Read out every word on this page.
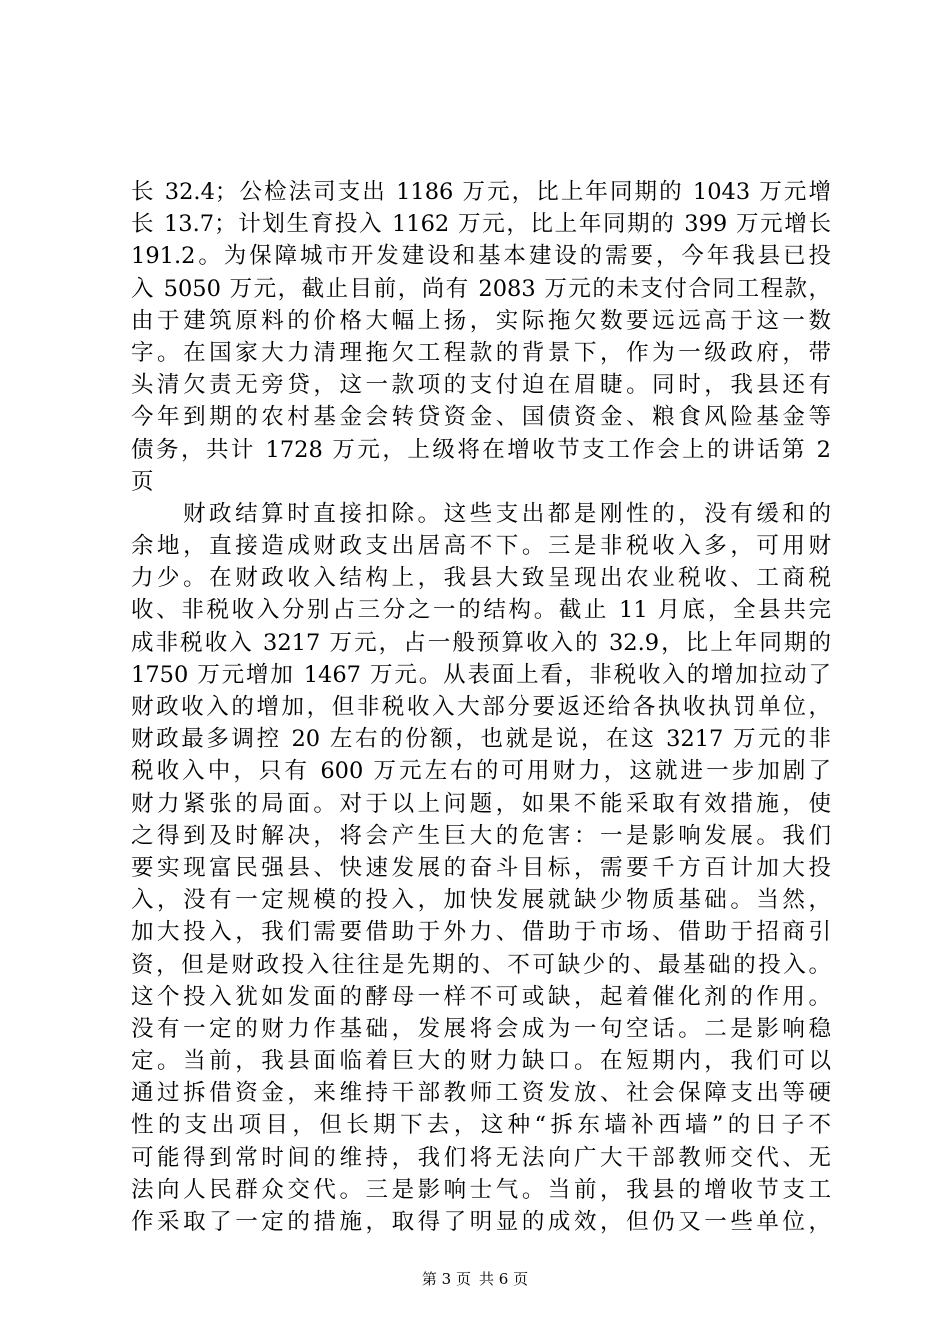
长 32.4；公检法司支出 1186 万元，比上年同期的 1043 万元增
长 13.7；计划生育投入 1162 万元，比上年同期的 399 万元增长
191.2。为保障城市开发建设和基本建设的需要，今年我县已投
入 5050 万元，截止目前，尚有 2083 万元的未支付合同工程款，
由于建筑原料的价格大幅上扬，实际拖欠数要远远高于这一数
字。在国家大力清理拖欠工程款的背景下，作为一级政府，带
头清欠责无旁贷，这一款项的支付迫在眉睫。同时，我县还有
今年到期的农村基金会转贷资金、国债资金、粮食风险基金等
债务，共计 1728 万元，上级将在增收节支工作会上的讲话第 2
页
财政结算时直接扣除。这些支出都是刚性的，没有缓和的
余地，直接造成财政支出居高不下。三是非税收入多，可用财
力少。在财政收入结构上，我县大致呈现出农业税收、工商税
收、非税收入分别占三分之一的结构。截止 11 月底，全县共完
成非税收入 3217 万元，占一般预算收入的 32.9，比上年同期的
1750 万元增加 1467 万元。从表面上看，非税收入的增加拉动了
财政收入的增加，但非税收入大部分要返还给各执收执罚单位，
财政最多调控 20 左右的份额，也就是说，在这 3217 万元的非
税收入中，只有 600 万元左右的可用财力，这就进一步加剧了
财力紧张的局面。对于以上问题，如果不能采取有效措施，使
之得到及时解决，将会产生巨大的危害：一是影响发展。我们
要实现富民强县、快速发展的奋斗目标，需要千方百计加大投
入，没有一定规模的投入，加快发展就缺少物质基础。当然，
加大投入，我们需要借助于外力、借助于市场、借助于招商引
资，但是财政投入往往是先期的、不可缺少的、最基础的投入。
这个投入犹如发面的酵母一样不可或缺，起着催化剂的作用。
没有一定的财力作基础，发展将会成为一句空话。二是影响稳
定。当前，我县面临着巨大的财力缺口。在短期内，我们可以
通过拆借资金，来维持干部教师工资发放、社会保障支出等硬
性的支出项目，但长期下去，这种“拆东墙补西墙”的日子不
可能得到常时间的维持，我们将无法向广大干部教师交代、无
法向人民群众交代。三是影响士气。当前，我县的增收节支工
作采取了一定的措施，取得了明显的成效，但仍又一些单位，
第 3 页 共 6 页
